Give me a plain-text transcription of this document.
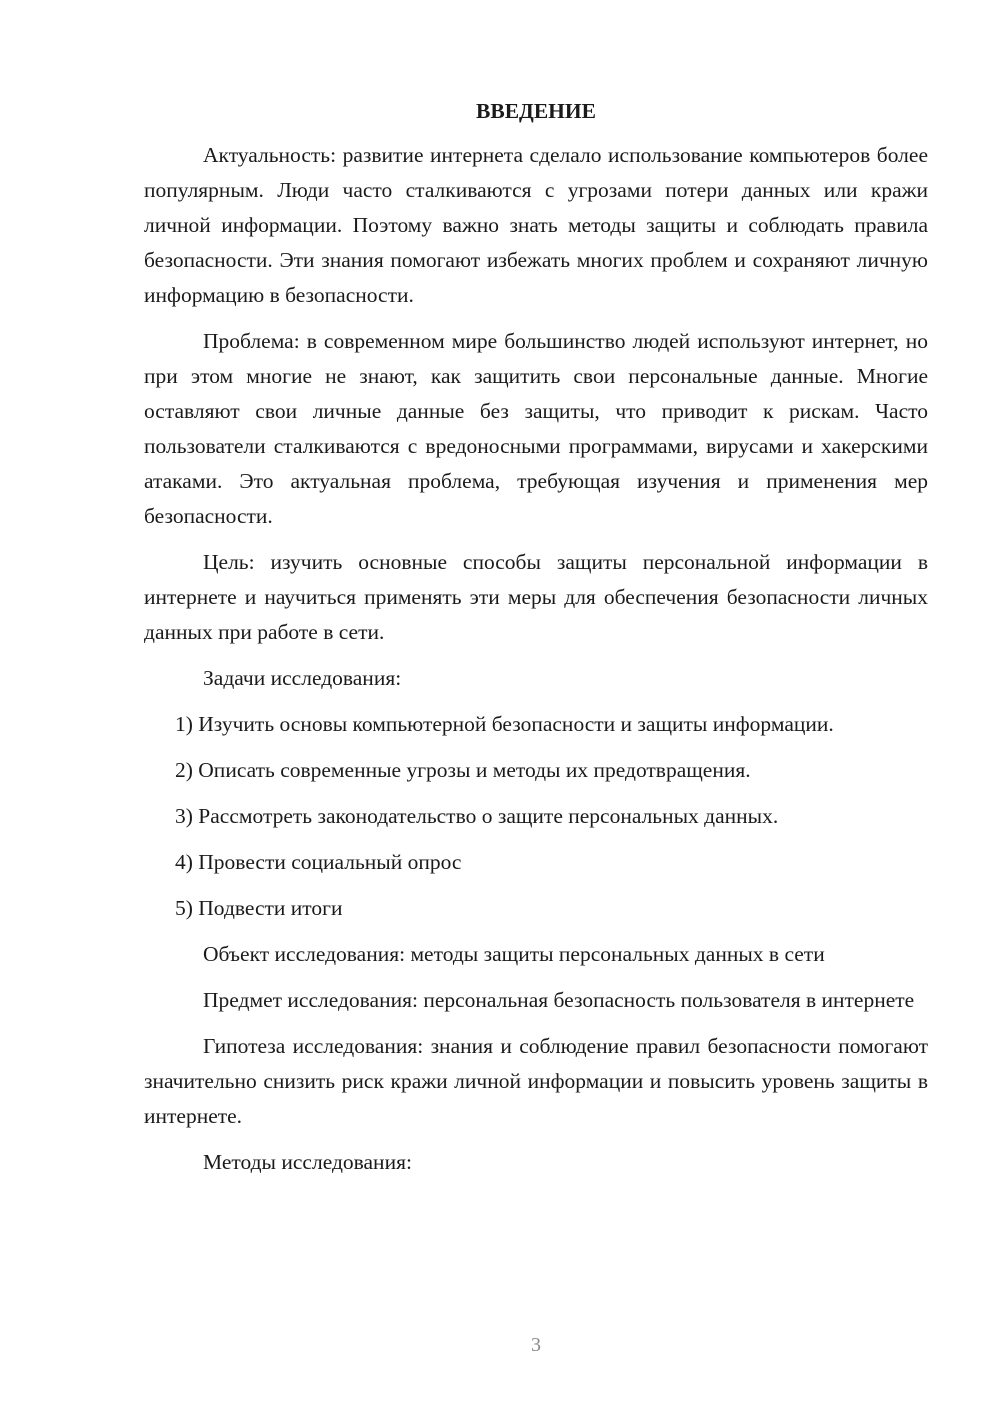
ВВЕДЕНИЕ

Актуальность: развитие интернета сделало использование компьютеров более популярным. Люди часто сталкиваются с угрозами потери данных или кражи личной информации. Поэтому важно знать методы защиты и соблюдать правила безопасности. Эти знания помогают избежать многих проблем и сохраняют личную информацию в безопасности.

Проблема: в современном мире большинство людей используют интернет, но при этом многие не знают, как защитить свои персональные данные. Многие оставляют свои личные данные без защиты, что приводит к рискам. Часто пользователи сталкиваются с вредоносными программами, вирусами и хакерскими атаками. Это актуальная проблема, требующая изучения и применения мер безопасности.

Цель: изучить основные способы защиты персональной информации в интернете и научиться применять эти меры для обеспечения безопасности личных данных при работе в сети.

Задачи исследования:

1) Изучить основы компьютерной безопасности и защиты информации.

2) Описать современные угрозы и методы их предотвращения.

3) Рассмотреть законодательство о защите персональных данных.

4) Провести социальный опрос

5) Подвести итоги

Объект исследования: методы защиты персональных данных в сети

Предмет исследования: персональная безопасность пользователя в интернете

Гипотеза исследования: знания и соблюдение правил безопасности помогают значительно снизить риск кражи личной информации и повысить уровень защиты в интернете.

Методы исследования:

3
